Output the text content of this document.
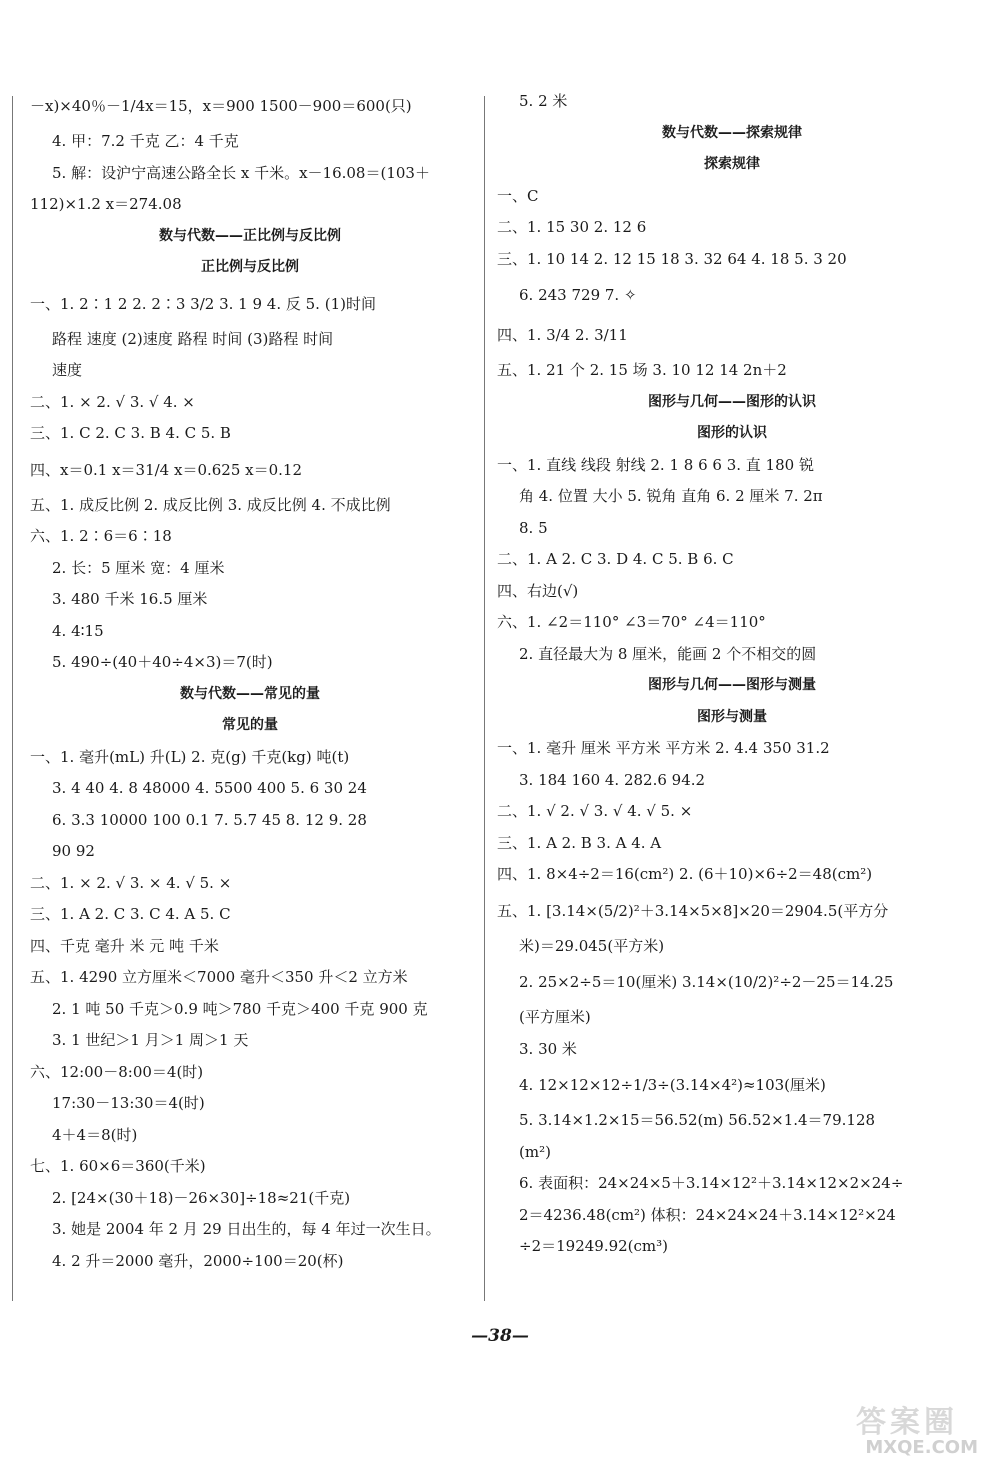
－x)×40％－1/4x＝15，x＝900 1500－900＝600(只)
4. 甲：7.2 千克 乙：4 千克
5. 解：设沪宁高速公路全长 x 千米。x－16.08＝(103＋
112)×1.2 x＝274.08
数与代数——正比例与反比例
正比例与反比例
一、1. 2∶1 2 2. 2∶3 3/2 3. 1 9 4. 反 5. (1)时间
路程 速度 (2)速度 路程 时间 (3)路程 时间
速度
二、1. × 2. √ 3. √ 4. ×
三、1. C 2. C 3. B 4. C 5. B
四、x＝0.1 x＝31/4 x＝0.625 x＝0.12
五、1. 成反比例 2. 成反比例 3. 成反比例 4. 不成比例
六、1. 2∶6＝6∶18
2. 长：5 厘米 宽：4 厘米
3. 480 千米 16.5 厘米
4. 4∶15
5. 490÷(40＋40÷4×3)＝7(时)
数与代数——常见的量
常见的量
一、1. 毫升(mL) 升(L) 2. 克(g) 千克(kg) 吨(t)
3. 4 40 4. 8 48000 4. 5500 400 5. 6 30 24
6. 3.3 10000 100 0.1 7. 5.7 45 8. 12 9. 28
90 92
二、1. × 2. √ 3. × 4. √ 5. ×
三、1. A 2. C 3. C 4. A 5. C
四、千克 毫升 米 元 吨 千米
五、1. 4290 立方厘米＜7000 毫升＜350 升＜2 立方米
2. 1 吨 50 千克＞0.9 吨＞780 千克＞400 千克 900 克
3. 1 世纪＞1 月＞1 周＞1 天
六、12:00－8:00＝4(时)
17:30－13:30＝4(时)
4＋4＝8(时)
七、1. 60×6＝360(千米)
2. [24×(30＋18)－26×30]÷18≈21(千克)
3. 她是 2004 年 2 月 29 日出生的，每 4 年过一次生日。
4. 2 升＝2000 毫升，2000÷100＝20(杯)
5. 2 米
数与代数——探索规律
探索规律
一、C
二、1. 15 30 2. 12 6
三、1. 10 14 2. 12 15 18 3. 32 64 4. 18 5. 3 20
6. 243 729 7. ✧
四、1. 3/4 2. 3/11
五、1. 21 个 2. 15 场 3. 10 12 14 2n＋2
图形与几何——图形的认识
图形的认识
一、1. 直线 线段 射线 2. 1 8 6 6 3. 直 180 锐
角 4. 位置 大小 5. 锐角 直角 6. 2 厘米 7. 2π
8. 5
二、1. A 2. C 3. D 4. C 5. B 6. C
四、右边(√)
六、1. ∠2＝110° ∠3＝70° ∠4＝110°
2. 直径最大为 8 厘米，能画 2 个不相交的圆
图形与几何——图形与测量
图形与测量
一、1. 毫升 厘米 平方米 平方米 2. 4.4 350 31.2
3. 184 160 4. 282.6 94.2
二、1. √ 2. √ 3. √ 4. √ 5. ×
三、1. A 2. B 3. A 4. A
四、1. 8×4÷2＝16(cm²) 2. (6＋10)×6÷2＝48(cm²)
五、1. [3.14×(5/2)²＋3.14×5×8]×20＝2904.5(平方分
米)＝29.045(平方米)
2. 25×2÷5＝10(厘米) 3.14×(10/2)²÷2－25＝14.25
(平方厘米)
3. 30 米
4. 12×12×12÷1/3÷(3.14×4²)≈103(厘米)
5. 3.14×1.2×15＝56.52(m) 56.52×1.4＝79.128
(m²)
6. 表面积：24×24×5＋3.14×12²＋3.14×12×2×24÷
2＝4236.48(cm²) 体积：24×24×24＋3.14×12²×24
÷2＝19249.92(cm³)
—38—
答案圈
MXQE.COM
